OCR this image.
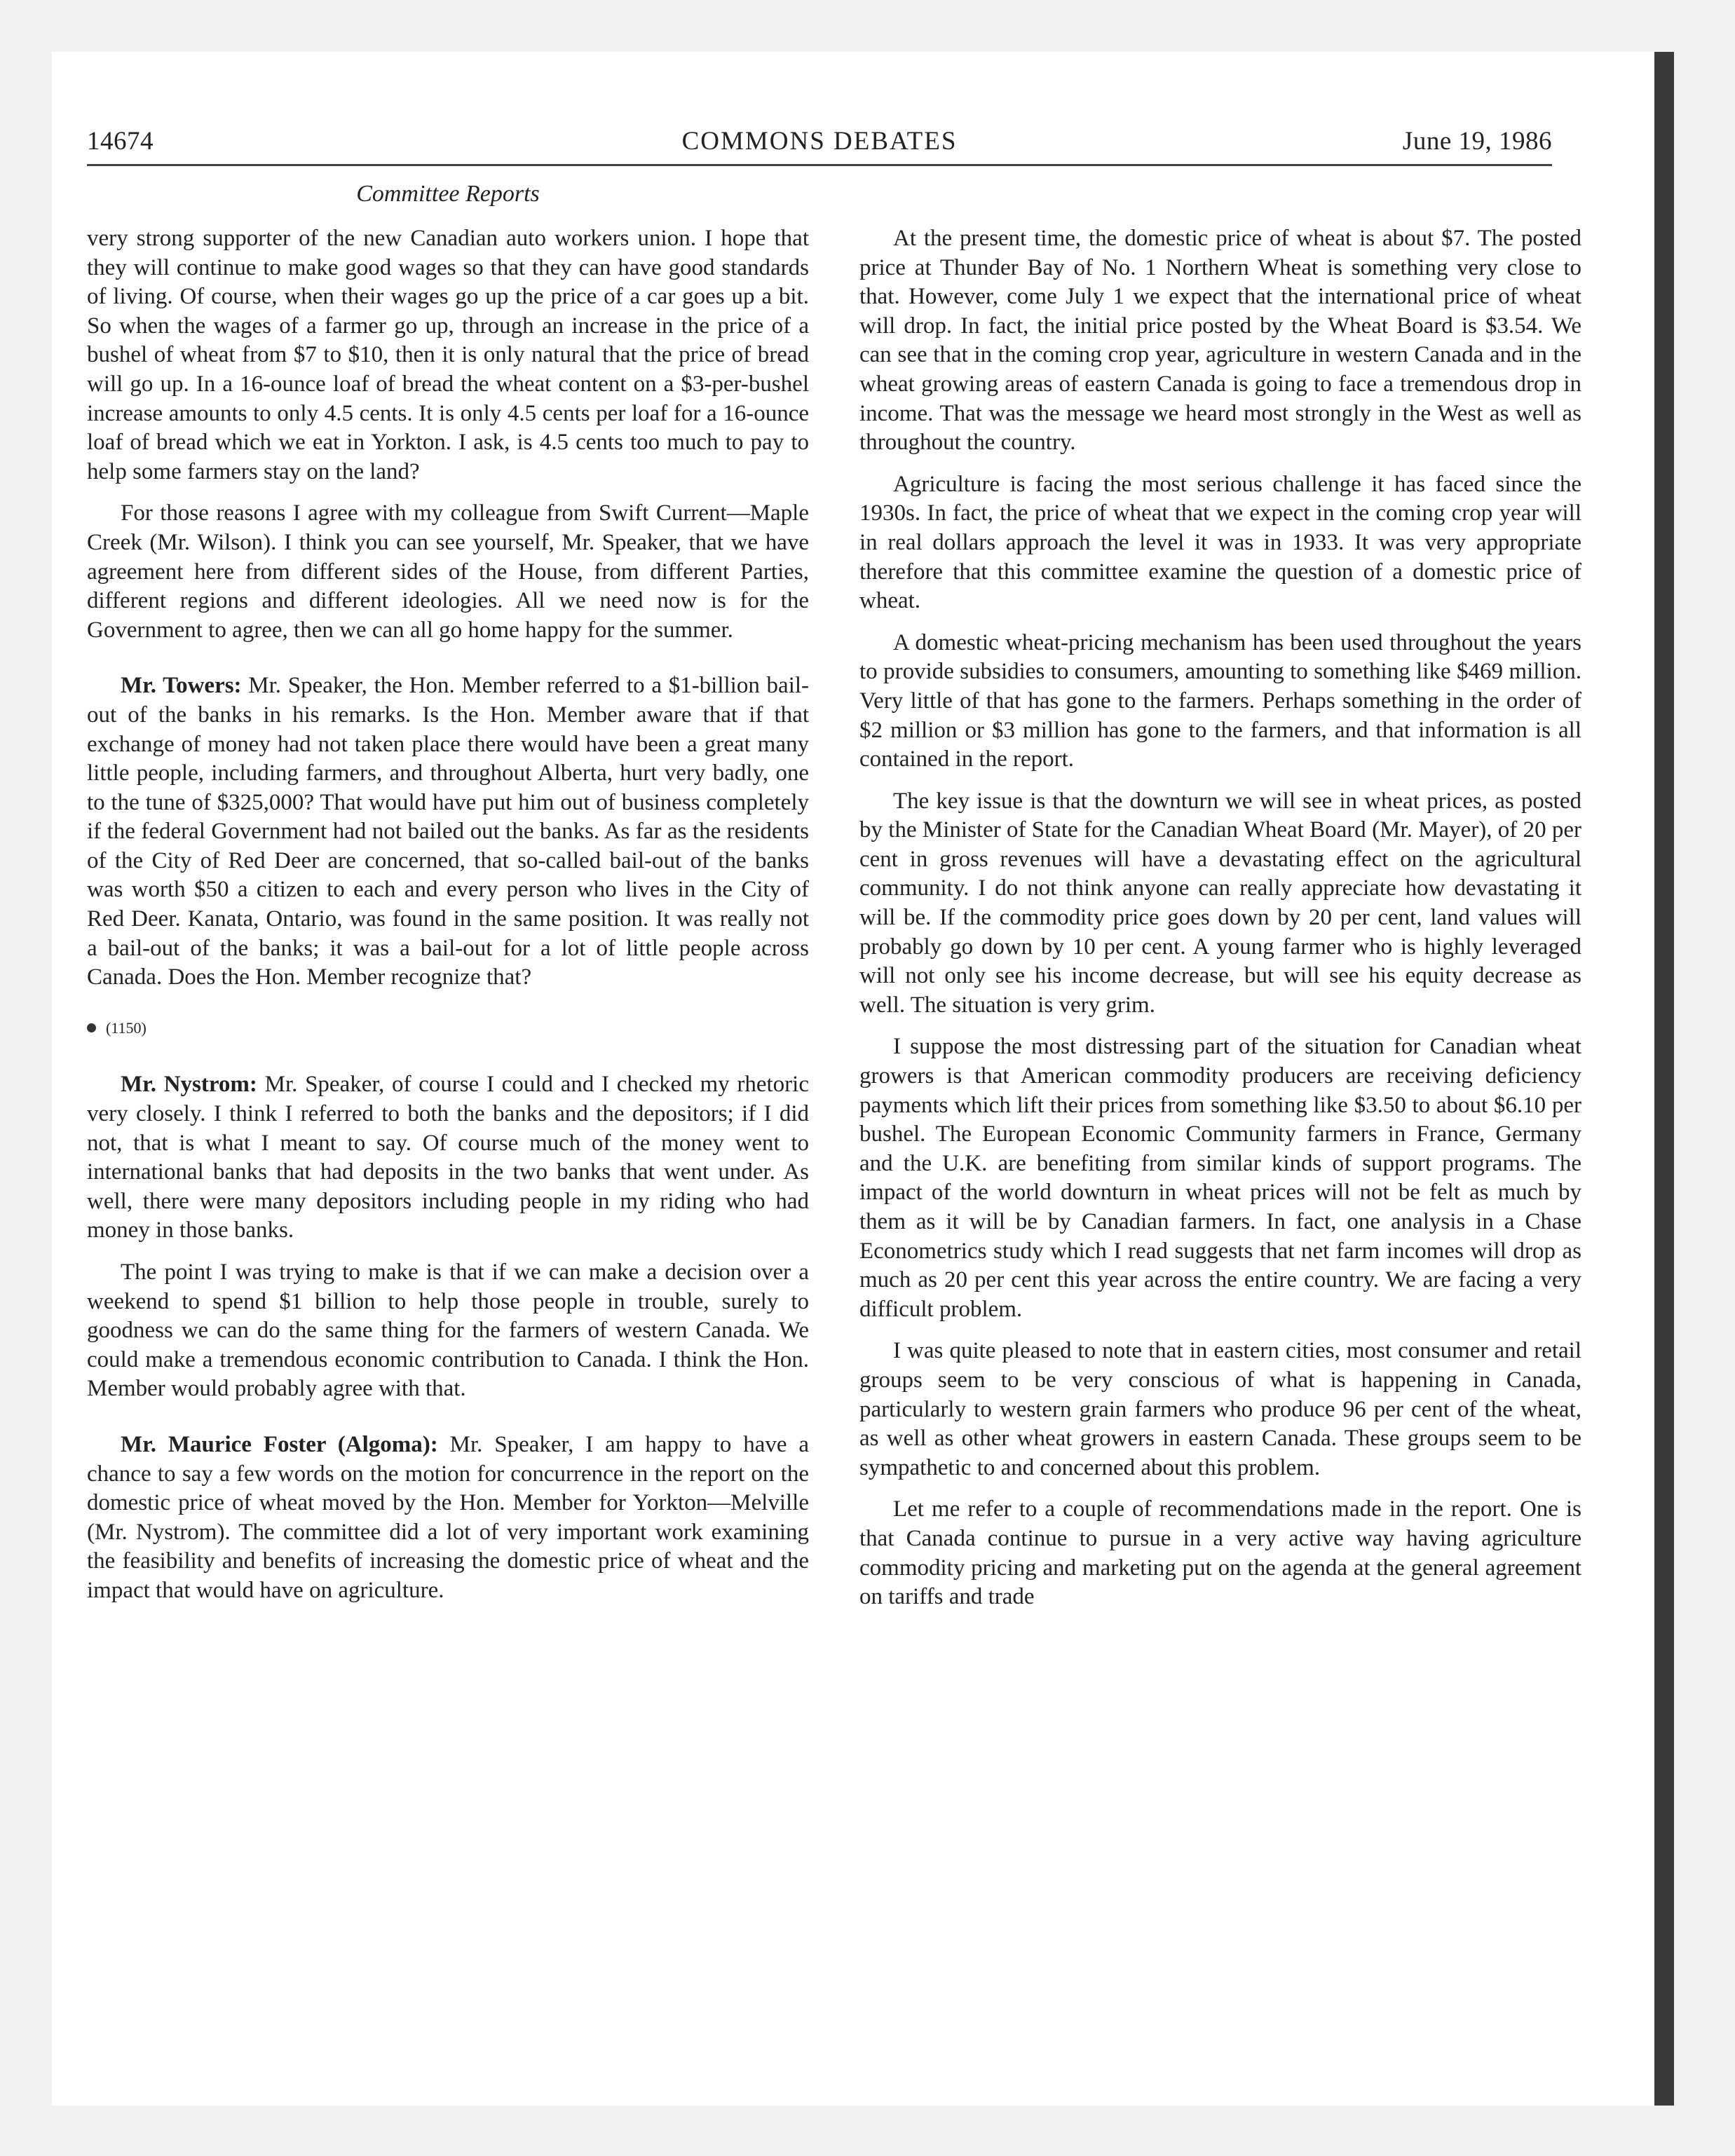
14674	COMMONS DEBATES	June 19, 1986
Committee Reports

very strong supporter of the new Canadian auto workers union. I hope that they will continue to make good wages so that they can have good standards of living. Of course, when their wages go up the price of a car goes up a bit. So when the wages of a farmer go up, through an increase in the price of a bushel of wheat from $7 to $10, then it is only natural that the price of bread will go up. In a 16-ounce loaf of bread the wheat content on a $3-per-bushel increase amounts to only 4.5 cents. It is only 4.5 cents per loaf for a 16-ounce loaf of bread which we eat in Yorkton. I ask, is 4.5 cents too much to pay to help some farmers stay on the land?

For those reasons I agree with my colleague from Swift Current—Maple Creek (Mr. Wilson). I think you can see yourself, Mr. Speaker, that we have agreement here from different sides of the House, from different Parties, different regions and different ideologies. All we need now is for the Government to agree, then we can all go home happy for the summer.

Mr. Towers: Mr. Speaker, the Hon. Member referred to a $1-billion bail-out of the banks in his remarks. Is the Hon. Member aware that if that exchange of money had not taken place there would have been a great many little people, including farmers, and throughout Alberta, hurt very badly, one to the tune of $325,000? That would have put him out of business completely if the federal Government had not bailed out the banks. As far as the residents of the City of Red Deer are concerned, that so-called bail-out of the banks was worth $50 a citizen to each and every person who lives in the City of Red Deer. Kanata, Ontario, was found in the same position. It was really not a bail-out of the banks; it was a bail-out for a lot of little people across Canada. Does the Hon. Member recognize that?

(1150)

Mr. Nystrom: Mr. Speaker, of course I could and I checked my rhetoric very closely. I think I referred to both the banks and the depositors; if I did not, that is what I meant to say. Of course much of the money went to international banks that had deposits in the two banks that went under. As well, there were many depositors including people in my riding who had money in those banks.

The point I was trying to make is that if we can make a decision over a weekend to spend $1 billion to help those people in trouble, surely to goodness we can do the same thing for the farmers of western Canada. We could make a tremendous economic contribution to Canada. I think the Hon. Member would probably agree with that.

Mr. Maurice Foster (Algoma): Mr. Speaker, I am happy to have a chance to say a few words on the motion for concurrence in the report on the domestic price of wheat moved by the Hon. Member for Yorkton—Melville (Mr. Nystrom). The committee did a lot of very important work examining the feasibility and benefits of increasing the domestic price of wheat and the impact that would have on agriculture.

At the present time, the domestic price of wheat is about $7. The posted price at Thunder Bay of No. 1 Northern Wheat is something very close to that. However, come July 1 we expect that the international price of wheat will drop. In fact, the initial price posted by the Wheat Board is $3.54. We can see that in the coming crop year, agriculture in western Canada and in the wheat growing areas of eastern Canada is going to face a tremendous drop in income. That was the message we heard most strongly in the West as well as throughout the country.

Agriculture is facing the most serious challenge it has faced since the 1930s. In fact, the price of wheat that we expect in the coming crop year will in real dollars approach the level it was in 1933. It was very appropriate therefore that this committee examine the question of a domestic price of wheat.

A domestic wheat-pricing mechanism has been used throughout the years to provide subsidies to consumers, amounting to something like $469 million. Very little of that has gone to the farmers. Perhaps something in the order of $2 million or $3 million has gone to the farmers, and that information is all contained in the report.

The key issue is that the downturn we will see in wheat prices, as posted by the Minister of State for the Canadian Wheat Board (Mr. Mayer), of 20 per cent in gross revenues will have a devastating effect on the agricultural community. I do not think anyone can really appreciate how devastating it will be. If the commodity price goes down by 20 per cent, land values will probably go down by 10 per cent. A young farmer who is highly leveraged will not only see his income decrease, but will see his equity decrease as well. The situation is very grim.

I suppose the most distressing part of the situation for Canadian wheat growers is that American commodity producers are receiving deficiency payments which lift their prices from something like $3.50 to about $6.10 per bushel. The European Economic Community farmers in France, Germany and the U.K. are benefiting from similar kinds of support programs. The impact of the world downturn in wheat prices will not be felt as much by them as it will be by Canadian farmers. In fact, one analysis in a Chase Econometrics study which I read suggests that net farm incomes will drop as much as 20 per cent this year across the entire country. We are facing a very difficult problem.

I was quite pleased to note that in eastern cities, most consumer and retail groups seem to be very conscious of what is happening in Canada, particularly to western grain farmers who produce 96 per cent of the wheat, as well as other wheat growers in eastern Canada. These groups seem to be sympathetic to and concerned about this problem.

Let me refer to a couple of recommendations made in the report. One is that Canada continue to pursue in a very active way having agriculture commodity pricing and marketing put on the agenda at the general agreement on tariffs and trade
